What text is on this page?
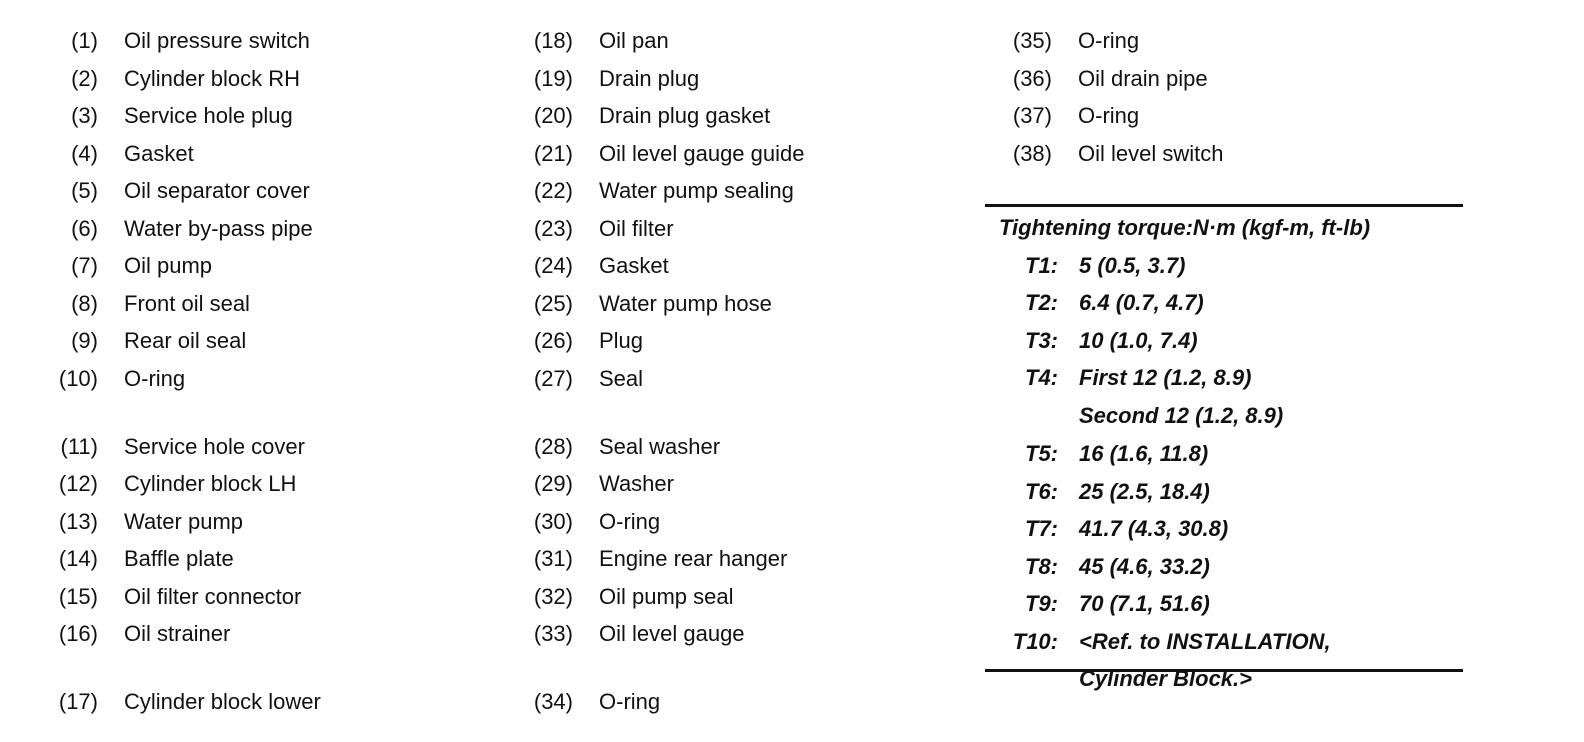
(1) Oil pressure switch
(2) Cylinder block RH
(3) Service hole plug
(4) Gasket
(5) Oil separator cover
(6) Water by-pass pipe
(7) Oil pump
(8) Front oil seal
(9) Rear oil seal
(10) O-ring
(11) Service hole cover
(12) Cylinder block LH
(13) Water pump
(14) Baffle plate
(15) Oil filter connector
(16) Oil strainer
(17) Cylinder block lower
(18) Oil pan
(19) Drain plug
(20) Drain plug gasket
(21) Oil level gauge guide
(22) Water pump sealing
(23) Oil filter
(24) Gasket
(25) Water pump hose
(26) Plug
(27) Seal
(28) Seal washer
(29) Washer
(30) O-ring
(31) Engine rear hanger
(32) Oil pump seal
(33) Oil level gauge
(34) O-ring
(35) O-ring
(36) Oil drain pipe
(37) O-ring
(38) Oil level switch
Tightening torque:N·m (kgf-m, ft-lb)
T1: 5 (0.5, 3.7)
T2: 6.4 (0.7, 4.7)
T3: 10 (1.0, 7.4)
T4: First 12 (1.2, 8.9)
Second 12 (1.2, 8.9)
T5: 16 (1.6, 11.8)
T6: 25 (2.5, 18.4)
T7: 41.7 (4.3, 30.8)
T8: 45 (4.6, 33.2)
T9: 70 (7.1, 51.6)
T10: <Ref. to INSTALLATION,
Cylinder Block.>
